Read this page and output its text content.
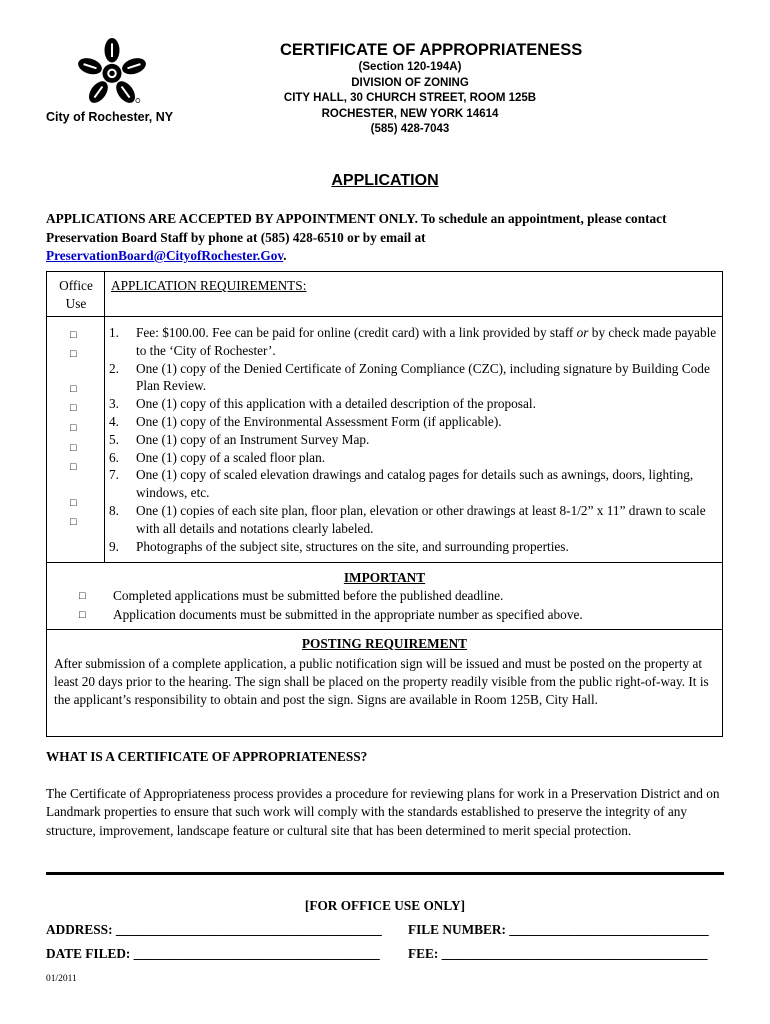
City of Rochester, NY
CERTIFICATE OF APPROPRIATENESS
(Section 120-194A)
DIVISION OF ZONING
CITY HALL, 30 CHURCH STREET, ROOM 125B
ROCHESTER, NEW YORK 14614
(585) 428-7043
APPLICATION
APPLICATIONS ARE ACCEPTED BY APPOINTMENT ONLY. To schedule an appointment, please contact Preservation Board Staff by phone at (585) 428-6510 or by email at
PreservationBoard@CityofRochester.Gov.
Office
Use
APPLICATION REQUIREMENTS:
□
□
□
□
□
□
□
□
□
1. Fee: $100.00. Fee can be paid for online (credit card) with a link provided by staff or by check made payable to the ‘City of Rochester’.
2. One (1) copy of the Denied Certificate of Zoning Compliance (CZC), including signature by Building Code Plan Review.
3. One (1) copy of this application with a detailed description of the proposal.
4. One (1) copy of the Environmental Assessment Form (if applicable).
5. One (1) copy of an Instrument Survey Map.
6. One (1) copy of a scaled floor plan.
7. One (1) copy of scaled elevation drawings and catalog pages for details such as awnings, doors, lighting, windows, etc.
8. One (1) copies of each site plan, floor plan, elevation or other drawings at least 8-1/2” x 11” drawn to scale with all details and notations clearly labeled.
9. Photographs of the subject site, structures on the site, and surrounding properties.
IMPORTANT
□ Completed applications must be submitted before the published deadline.
□ Application documents must be submitted in the appropriate number as specified above.
POSTING REQUIREMENT
After submission of a complete application, a public notification sign will be issued and must be posted on the property at least 20 days prior to the hearing. The sign shall be placed on the property readily visible from the public right-of-way. It is the applicant’s responsibility to obtain and post the sign. Signs are available in Room 125B, City Hall.
WHAT IS A CERTIFICATE OF APPROPRIATENESS?
The Certificate of Appropriateness process provides a procedure for reviewing plans for work in a Preservation District and on Landmark properties to ensure that such work will comply with the standards established to preserve the integrity of any structure, improvement, landscape feature or cultural site that has been determined to merit special protection.
[FOR OFFICE USE ONLY]
ADDRESS: ________________________________________ FILE NUMBER: ______________________________
DATE FILED: _____________________________________ FEE: ________________________________________
01/2011
